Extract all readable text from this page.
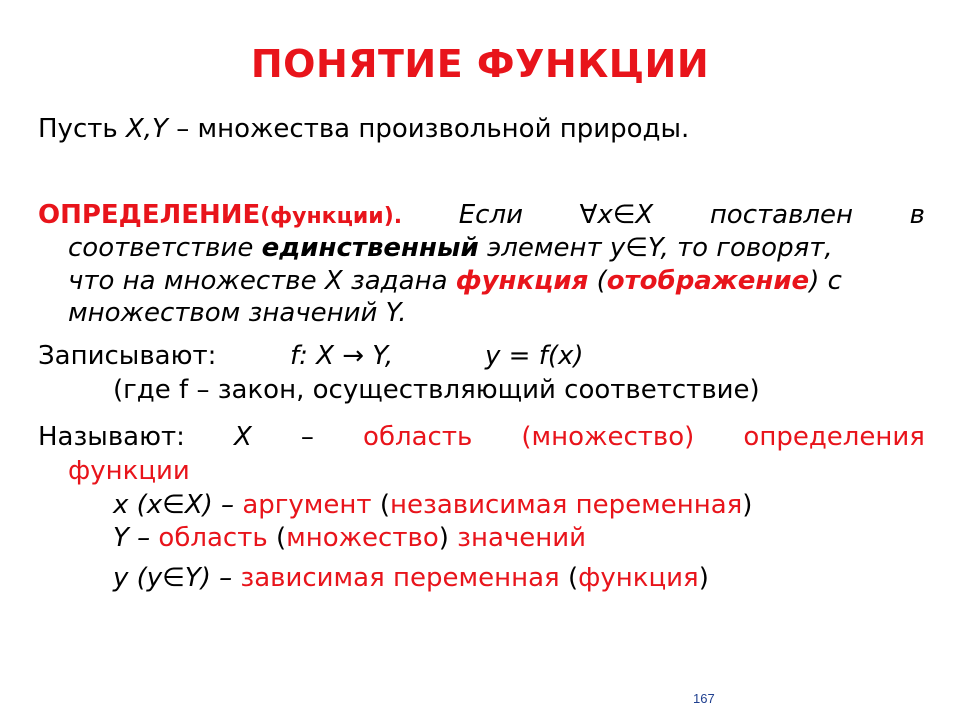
ПОНЯТИЕ ФУНКЦИИ
Пусть X,Y – множества произвольной природы.
ОПРЕДЕЛЕНИЕ(функции). Если ∀x∈X поставлен в
соответствие единственный элемент y∈Y, то говорят,
что на множестве X задана функция (отображение) с
множеством значений Y.
Записывают:	f: X → Y,	y = f(x)
(где f – закон, осуществляющий соответствие)
Называют: X – область (множество) определения
функции
x (x∈X) – аргумент (независимая переменная)
Y – область (множество) значений
y (y∈Y) – зависимая переменная (функция)
167
